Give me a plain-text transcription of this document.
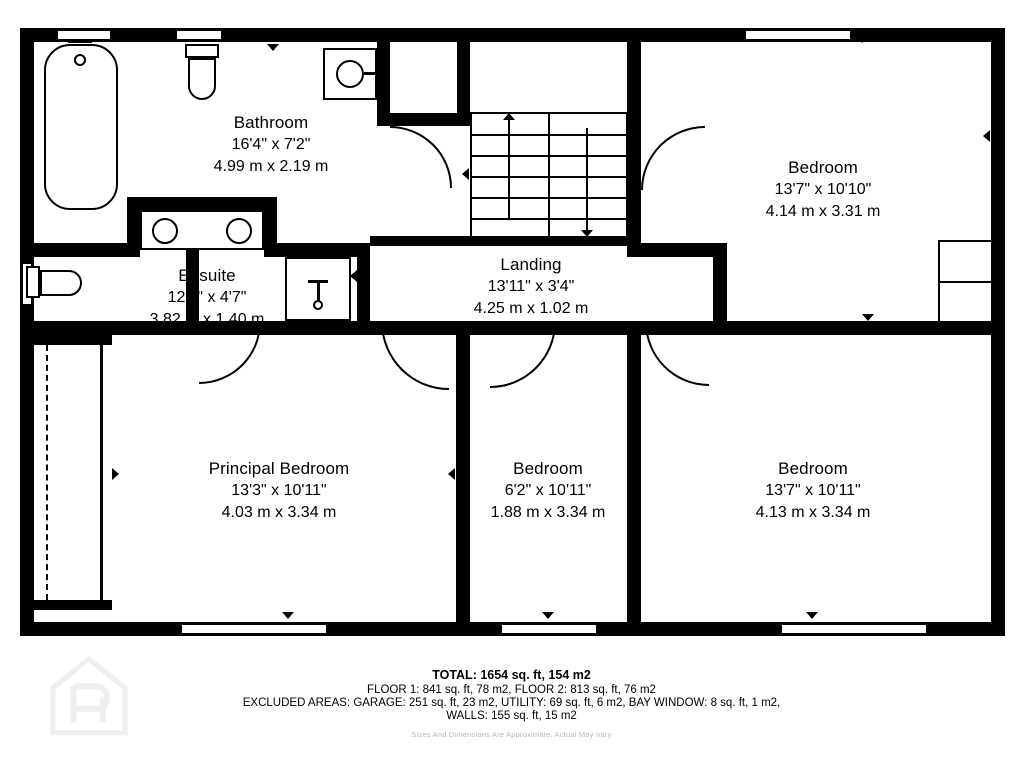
Bathroom
16'4" x 7'2"
4.99 m x 2.19 m
Ensuite
12'6" x 4'7"
3.82 m x 1.40 m
Landing
13'11" x 3'4"
4.25 m x 1.02 m
Bedroom
13'7" x 10'10"
4.14 m x 3.31 m
Principal Bedroom
13'3" x 10'11"
4.03 m x 3.34 m
Bedroom
6'2" x 10'11"
1.88 m x 3.34 m
Bedroom
13'7" x 10'11"
4.13 m x 3.34 m
TOTAL: 1654 sq. ft, 154 m2
FLOOR 1: 841 sq. ft, 78 m2, FLOOR 2: 813 sq. ft, 76 m2
EXCLUDED AREAS: GARAGE: 251 sq. ft, 23 m2, UTILITY: 69 sq. ft, 6 m2, BAY WINDOW: 8 sq. ft, 1 m2,
WALLS: 155 sq. ft, 15 m2
Sizes And Dimensions Are Approximate, Actual May Vary
